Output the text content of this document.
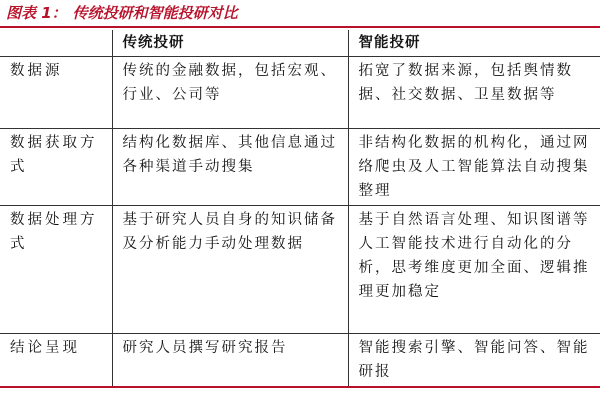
图表 1： 传统投研和智能投研对比
	传统投研	智能投研
数据源	传统的金融数据，包括宏观、行业、公司等	拓宽了数据来源，包括舆情数据、社交数据、卫星数据等
数据获取方式	结构化数据库、其他信息通过各种渠道手动搜集	非结构化数据的机构化，通过网络爬虫及人工智能算法自动搜集整理
数据处理方式	基于研究人员自身的知识储备及分析能力手动处理数据	基于自然语言处理、知识图谱等人工智能技术进行自动化的分析，思考维度更加全面、逻辑推理更加稳定
结论呈现	研究人员撰写研究报告	智能搜索引擎、智能问答、智能研报
